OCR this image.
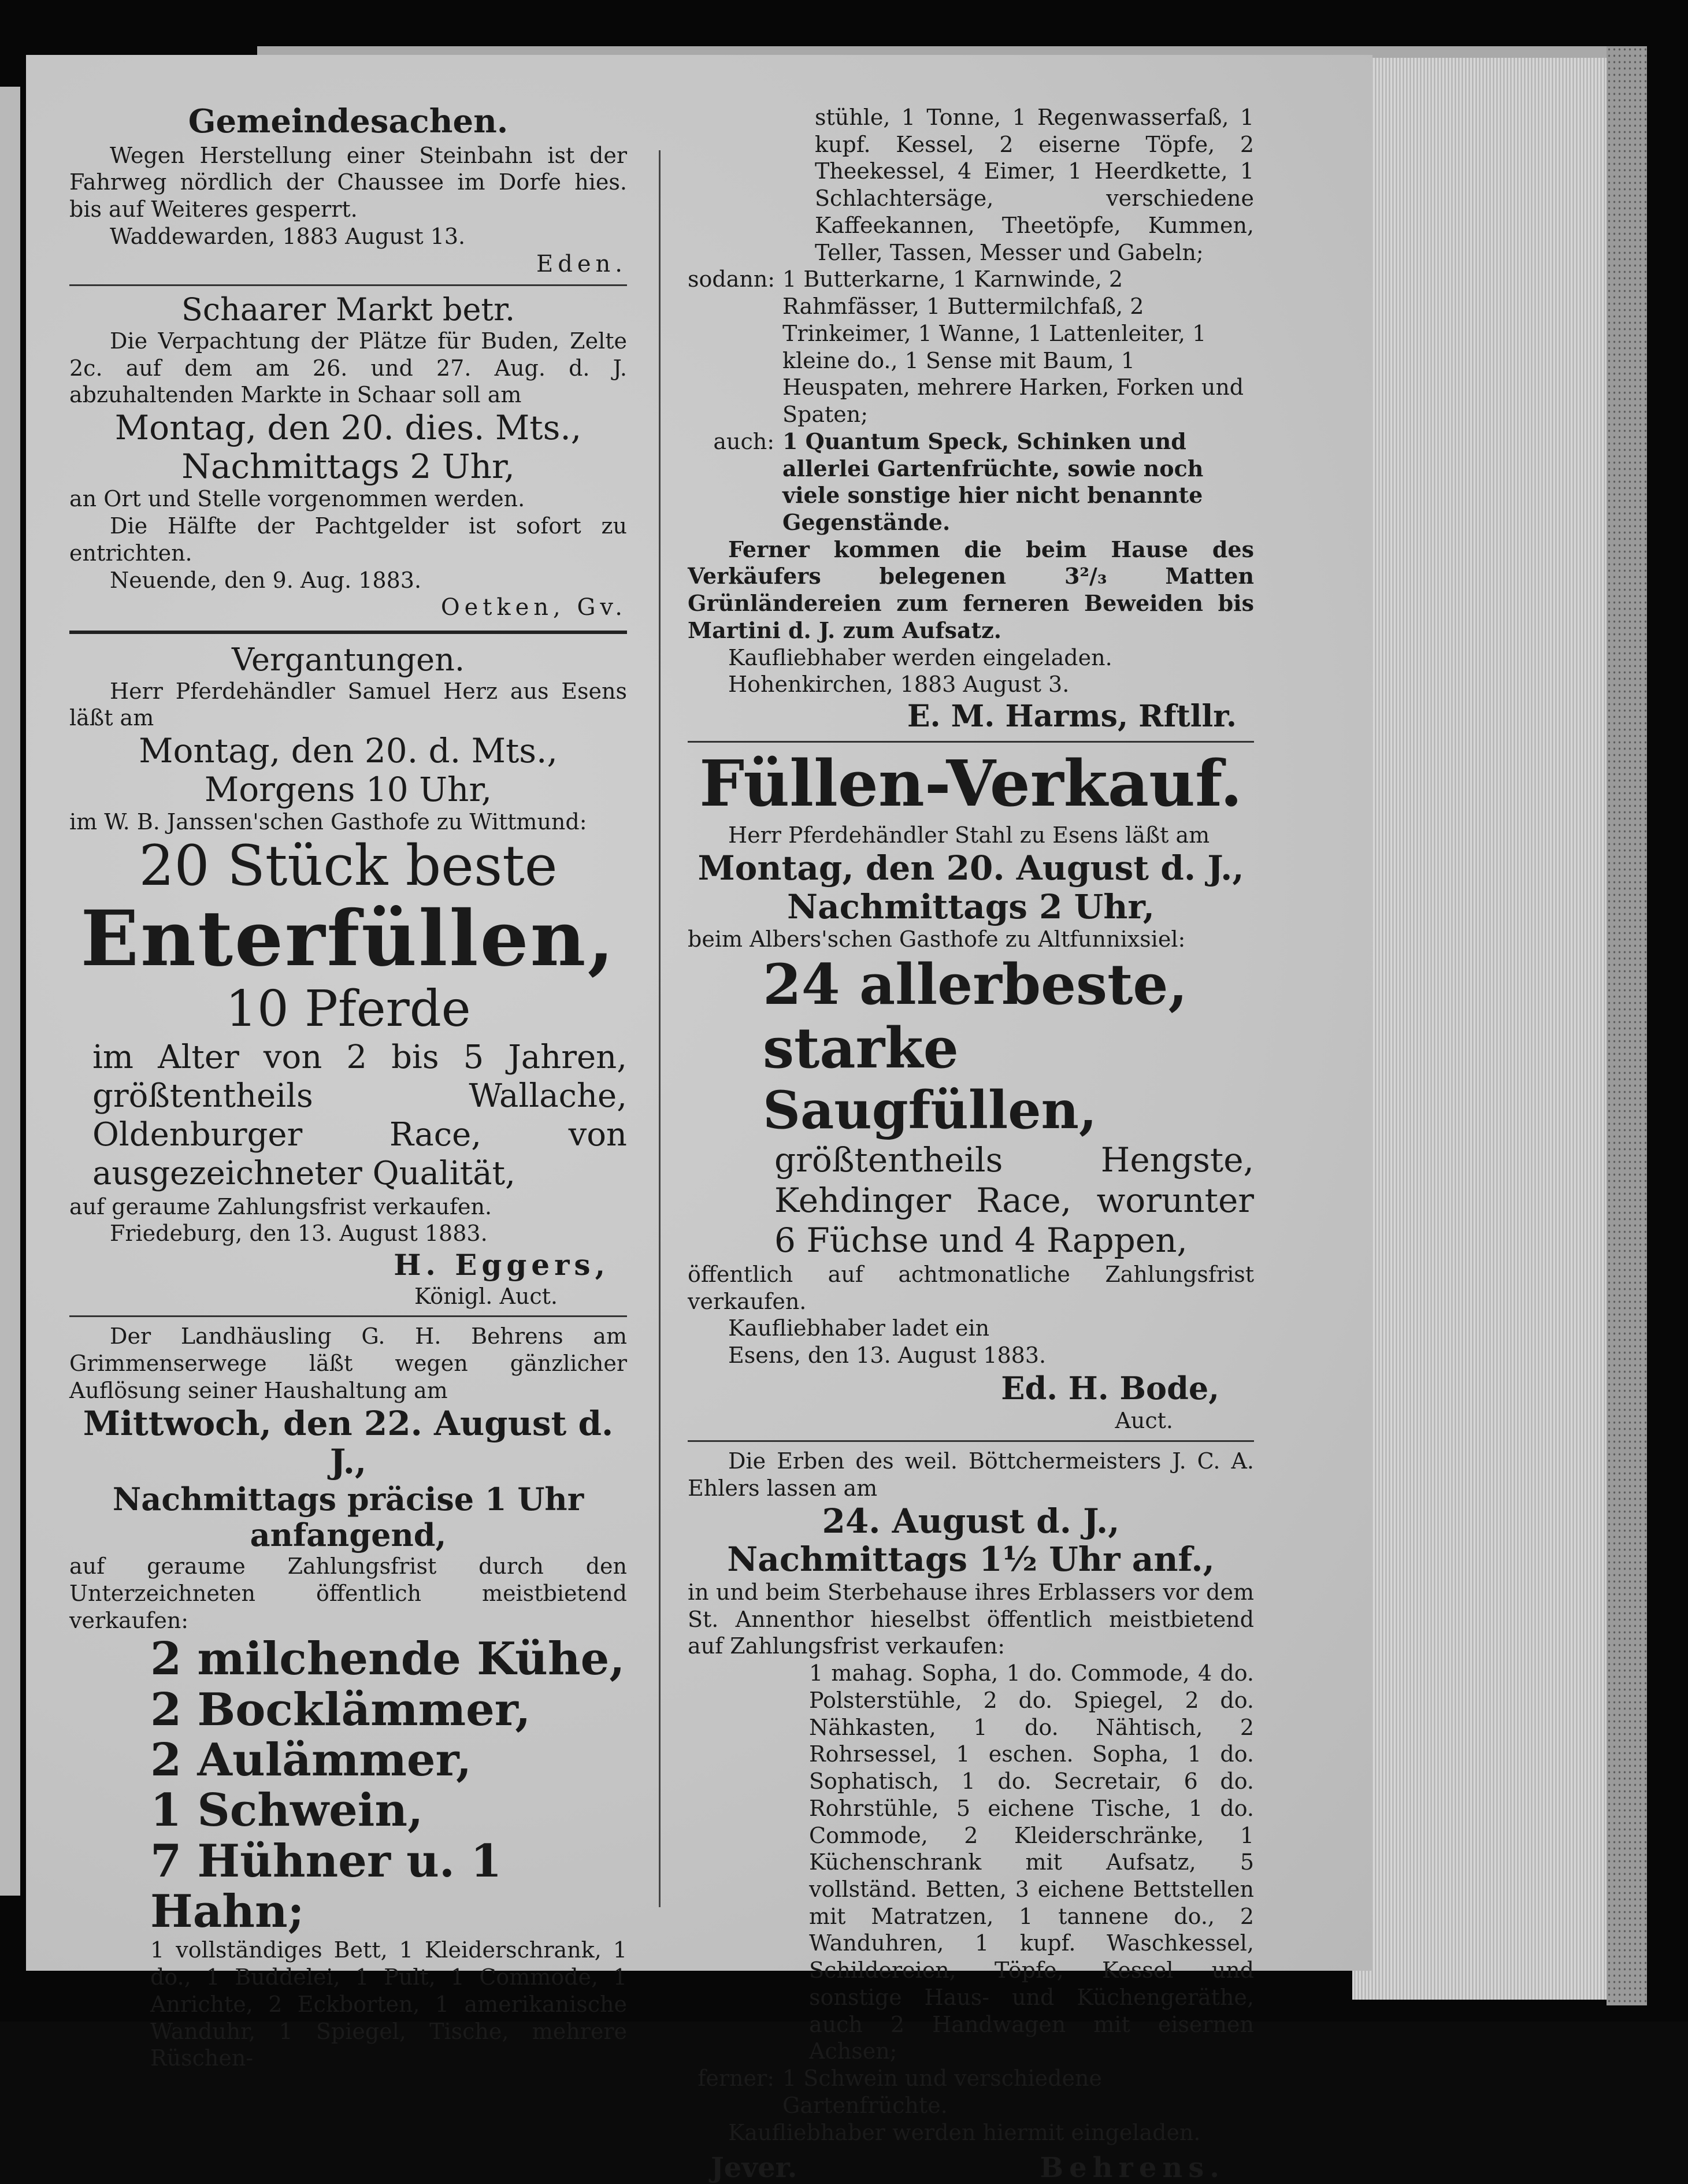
Gemeindesachen.

Wegen Herstellung einer Steinbahn ist der Fahrweg nördlich der Chaussee im Dorfe hies. bis auf Weiteres gesperrt.

Waddewarden, 1883 August 13.

Eden.

Schaarer Markt betr.

Die Verpachtung der Plätze für Buden, Zelte 2c. auf dem am 26. und 27. Aug. d. J. abzuhaltenden Markte in Schaar soll am

Montag, den 20. dies. Mts.,

Nachmittags 2 Uhr,

an Ort und Stelle vorgenommen werden.

Die Hälfte der Pachtgelder ist sofort zu entrichten.

Neuende, den 9. Aug. 1883.

Oetken, Gv.

Vergantungen.

Herr Pferdehändler Samuel Herz aus Esens läßt am

Montag, den 20. d. Mts.,

Morgens 10 Uhr,

im W. B. Janssen'schen Gasthofe zu Wittmund:

20 Stück beste

Enterfüllen,

10 Pferde

im Alter von 2 bis 5 Jahren, größtentheils Wallache, Oldenburger Race, von ausgezeichneter Qualität,

auf geraume Zahlungsfrist verkaufen.

Friedeburg, den 13. August 1883.

H. Eggers,

Königl. Auct.

Der Landhäusling G. H. Behrens am Grimmenserwege läßt wegen gänzlicher Auflösung seiner Haushaltung am

Mittwoch, den 22. August d. J.,

Nachmittags präcise 1 Uhr anfangend,

auf geraume Zahlungsfrist durch den Unterzeichneten öffentlich meistbietend verkaufen:

2 milchende Kühe,

2 Bocklämmer,

2 Aulämmer,

1 Schwein,

7 Hühner u. 1 Hahn;

1 vollständiges Bett, 1 Kleiderschrank, 1 do., 1 Buddelei, 1 Pult, 1 Commode, 1 Anrichte, 2 Eckborten, 1 amerikanische Wanduhr, 1 Spiegel, Tische, mehrere Rüschen-

stühle, 1 Tonne, 1 Regenwasserfaß, 1 kupf. Kessel, 2 eiserne Töpfe, 2 Theekessel, 4 Eimer, 1 Heerdkette, 1 Schlachtersäge, verschiedene Kaffeekannen, Theetöpfe, Kummen, Teller, Tassen, Messer und Gabeln;

sodann: 1 Butterkarne, 1 Karnwinde, 2 Rahmfässer, 1 Buttermilchfaß, 2 Trinkeimer, 1 Wanne, 1 Lattenleiter, 1 kleine do., 1 Sense mit Baum, 1 Heuspaten, mehrere Harken, Forken und Spaten;
auch: 1 Quantum Speck, Schinken und allerlei Gartenfrüchte, sowie noch viele sonstige hier nicht benannte Gegenstände.

Ferner kommen die beim Hause des Verkäufers belegenen 3²/₃ Matten Grünländereien zum ferneren Beweiden bis Martini d. J. zum Aufsatz.

Kaufliebhaber werden eingeladen.

Hohenkirchen, 1883 August 3.

E. M. Harms, Rftllr.

Füllen-Verkauf.

Herr Pferdehändler Stahl zu Esens läßt am

Montag, den 20. August d. J.,

Nachmittags 2 Uhr,

beim Albers'schen Gasthofe zu Altfunnixsiel:

24 allerbeste, starke

Saugfüllen,

größtentheils Hengste, Kehdinger Race, worunter 6 Füchse und 4 Rappen,

öffentlich auf achtmonatliche Zahlungsfrist verkaufen.

Kaufliebhaber ladet ein

Esens, den 13. August 1883.

Ed. H. Bode,

Auct.

Die Erben des weil. Böttchermeisters J. C. A. Ehlers lassen am

24. August d. J.,

Nachmittags 1½ Uhr anf.,

in und beim Sterbehause ihres Erblassers vor dem St. Annenthor hieselbst öffentlich meistbietend auf Zahlungsfrist verkaufen:

1 mahag. Sopha, 1 do. Commode, 4 do. Polsterstühle, 2 do. Spiegel, 2 do. Nähkasten, 1 do. Nähtisch, 2 Rohrsessel, 1 eschen. Sopha, 1 do. Sophatisch, 1 do. Secretair, 6 do. Rohrstühle, 5 eichene Tische, 1 do. Commode, 2 Kleiderschränke, 1 Küchenschrank mit Aufsatz, 5 vollständ. Betten, 3 eichene Bettstellen mit Matratzen, 1 tannene do., 2 Wanduhren, 1 kupf. Waschkessel, Schildereien, Töpfe, Kessel und sonstige Haus- und Küchengeräthe, auch 2 Handwagen mit eisernen Achsen;

ferner: 1 Schwein und verschiedene Gartenfrüchte.

Kaufliebhaber werden hiermit eingeladen.

Jever.	Behrens.
